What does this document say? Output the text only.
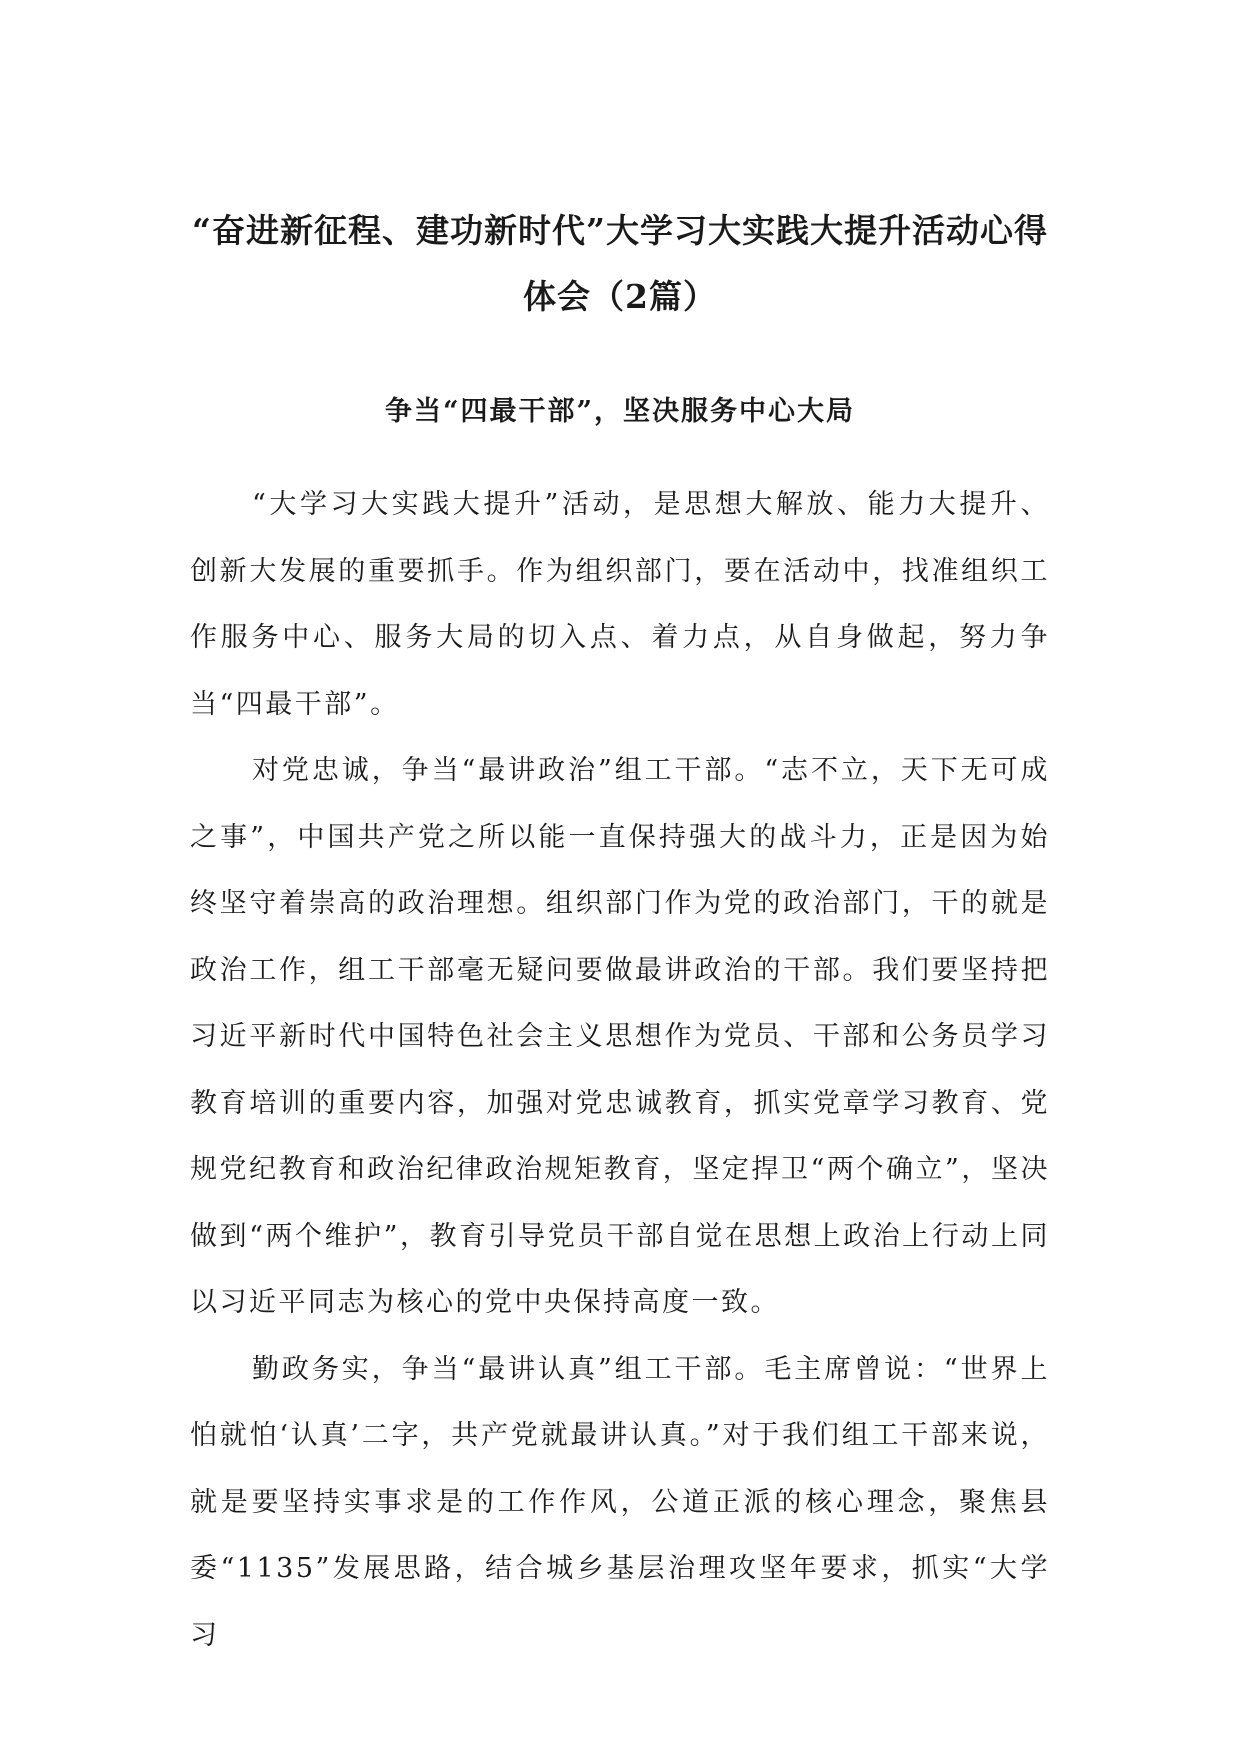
“奋进新征程、建功新时代”大学习大实践大提升活动心得
体会（2篇）
争当“四最干部”，坚决服务中心大局

“大学习大实践大提升”活动，是思想大解放、能力大提升、创新大发展的重要抓手。作为组织部门，要在活动中，找准组织工作服务中心、服务大局的切入点、着力点，从自身做起，努力争当“四最干部”。

对党忠诚，争当“最讲政治”组工干部。“志不立，天下无可成之事”，中国共产党之所以能一直保持强大的战斗力，正是因为始终坚守着崇高的政治理想。组织部门作为党的政治部门，干的就是政治工作，组工干部毫无疑问要做最讲政治的干部。我们要坚持把习近平新时代中国特色社会主义思想作为党员、干部和公务员学习教育培训的重要内容，加强对党忠诚教育，抓实党章学习教育、党规党纪教育和政治纪律政治规矩教育，坚定捍卫“两个确立”，坚决做到“两个维护”，教育引导党员干部自觉在思想上政治上行动上同以习近平同志为核心的党中央保持高度一致。

勤政务实，争当“最讲认真”组工干部。毛主席曾说：“世界上怕就怕‘认真’二字，共产党就最讲认真。”对于我们组工干部来说，就是要坚持实事求是的工作作风，公道正派的核心理念，聚焦县委“1135”发展思路，结合城乡基层治理攻坚年要求，抓实“大学习
